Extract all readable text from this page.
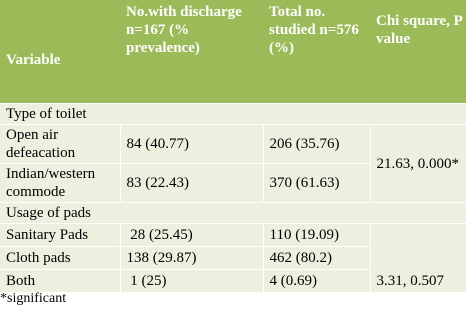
Variable	No.with discharge n=167 (% prevalence)	Total no. studied n=576 (%)	Chi square, P value
Type of toilet			
Open air defeacation	84 (40.77)	206 (35.76)	21.63, 0.000*
Indian/western commode	83 (22.43)	370 (61.63)	
Usage of pads			
Sanitary Pads	28 (25.45)	110 (19.09)	3.31, 0.507
Cloth pads	138 (29.87)	462 (80.2)	
Both	1 (25)	4 (0.69)	
*significant
